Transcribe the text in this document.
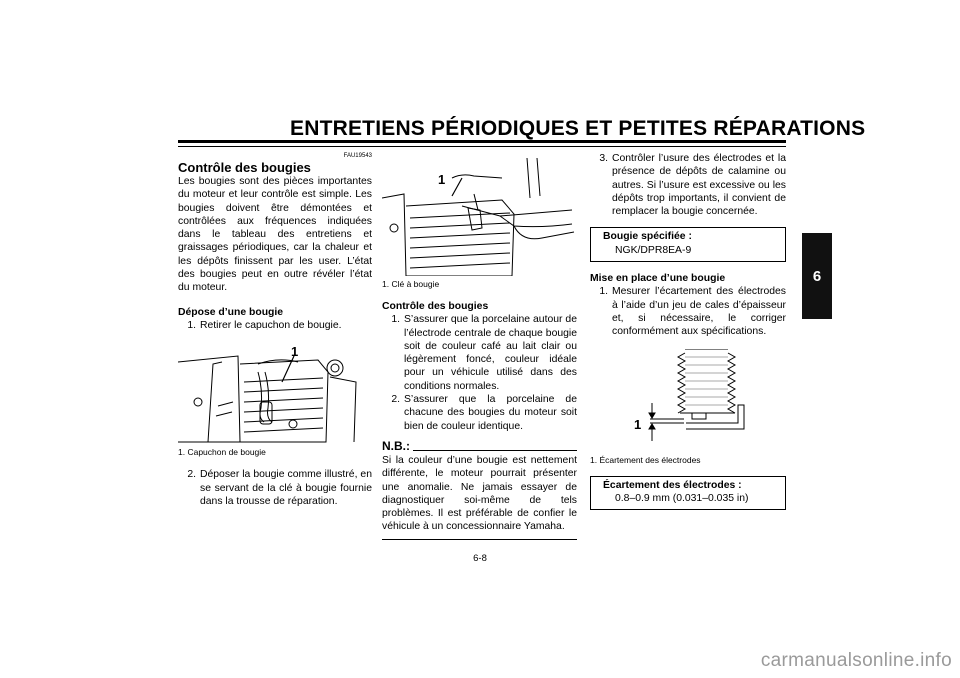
ENTRETIENS PÉRIODIQUES ET PETITES RÉPARATIONS
6
FAU19543
Contrôle des bougies

Les bougies sont des pièces importantes du moteur et leur contrôle est simple. Les bougies doivent être démontées et contrôlées aux fréquences indiquées dans le tableau des entretiens et graissages périodiques, car la chaleur et les dépôts finissent par les user. L’état des bougies peut en outre révéler l’état du moteur.

Dépose d’une bougie
1. Retirer le capuchon de bougie.
1
1. Capuchon de bougie
2. Déposer la bougie comme illustré, en se servant de la clé à bougie fournie dans la trousse de réparation.
1
1. Clé à bougie
Contrôle des bougies
1. S’assurer que la porcelaine autour de l’électrode centrale de chaque bougie soit de couleur café au lait clair ou légèrement foncé, couleur idéale pour un véhicule utilisé dans des conditions normales.
2. S’assurer que la porcelaine de chacune des bougies du moteur soit bien de couleur identique.
N.B.:
Si la couleur d’une bougie est nettement différente, le moteur pourrait présenter une anomalie. Ne jamais essayer de diagnostiquer soi-même de tels problèmes. Il est préférable de confier le véhicule à un concessionnaire Yamaha.
3. Contrôler l’usure des électrodes et la présence de dépôts de calamine ou autres. Si l’usure est excessive ou les dépôts trop importants, il convient de remplacer la bougie concernée.
Bougie spécifiée :
NGK/DPR8EA-9
Mise en place d’une bougie
1. Mesurer l’écartement des électrodes à l’aide d’un jeu de cales d’épaisseur et, si nécessaire, le corriger conformément aux spécifications.
1
1. Écartement des électrodes
Écartement des électrodes :
0.8–0.9 mm (0.031–0.035 in)
6-8
carmanualsonline.info
